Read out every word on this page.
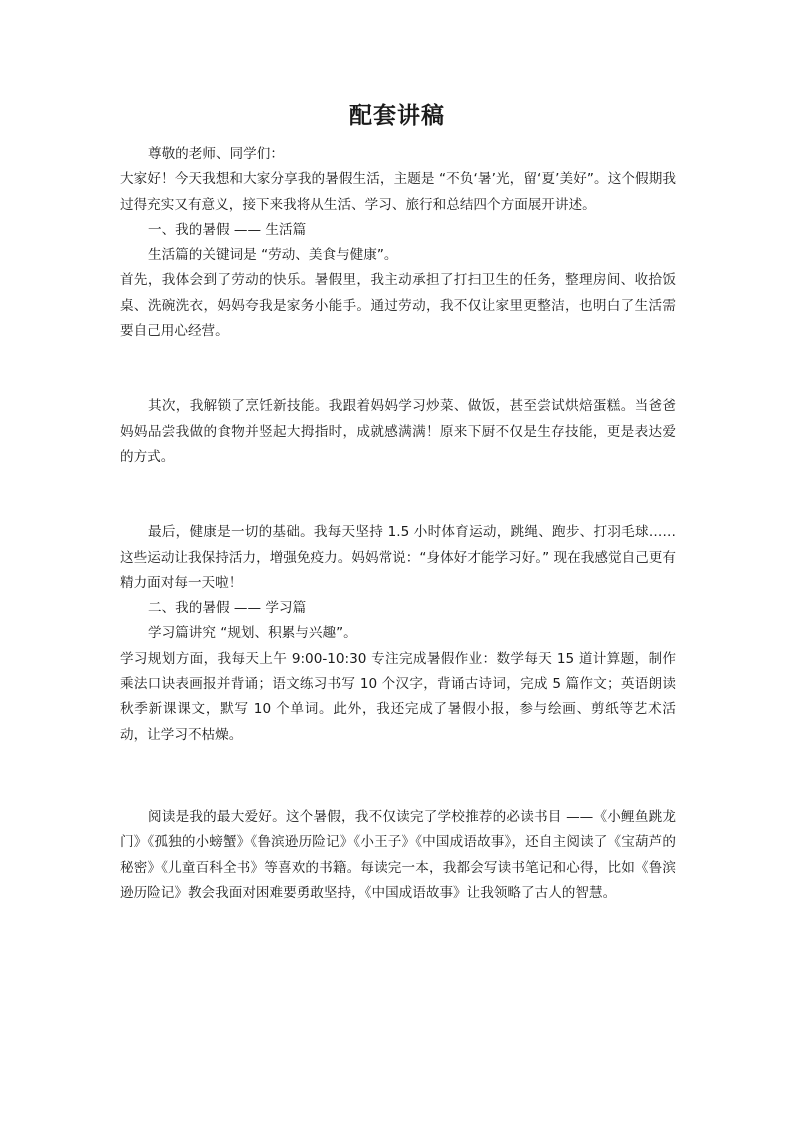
配套讲稿

尊敬的老师、同学们：

大家好！今天我想和大家分享我的暑假生活，主题是 “不负‘暑’光，留‘夏’美好”。这个假期我过得充实又有意义，接下来我将从生活、学习、旅行和总结四个方面展开讲述。

一、我的暑假 —— 生活篇

生活篇的关键词是 “劳动、美食与健康”。

首先，我体会到了劳动的快乐。暑假里，我主动承担了打扫卫生的任务，整理房间、收拾饭桌、洗碗洗衣，妈妈夸我是家务小能手。通过劳动，我不仅让家里更整洁，也明白了生活需要自己用心经营。

其次，我解锁了烹饪新技能。我跟着妈妈学习炒菜、做饭，甚至尝试烘焙蛋糕。当爸爸妈妈品尝我做的食物并竖起大拇指时，成就感满满！原来下厨不仅是生存技能，更是表达爱的方式。

最后，健康是一切的基础。我每天坚持 1.5 小时体育运动，跳绳、跑步、打羽毛球…… 这些运动让我保持活力，增强免疫力。妈妈常说：“身体好才能学习好。” 现在我感觉自己更有精力面对每一天啦！

二、我的暑假 —— 学习篇

学习篇讲究 “规划、积累与兴趣”。

学习规划方面，我每天上午 9:00-10:30 专注完成暑假作业：数学每天 15 道计算题，制作乘法口诀表画报并背诵；语文练习书写 10 个汉字，背诵古诗词，完成 5 篇作文；英语朗读秋季新课课文，默写 10 个单词。此外，我还完成了暑假小报，参与绘画、剪纸等艺术活动，让学习不枯燥。

阅读是我的最大爱好。这个暑假，我不仅读完了学校推荐的必读书目 ——《小鲤鱼跳龙门》《孤独的小螃蟹》《鲁滨逊历险记》《小王子》《中国成语故事》，还自主阅读了《宝葫芦的秘密》《儿童百科全书》等喜欢的书籍。每读完一本，我都会写读书笔记和心得，比如《鲁滨逊历险记》教会我面对困难要勇敢坚持，《中国成语故事》让我领略了古人的智慧。
